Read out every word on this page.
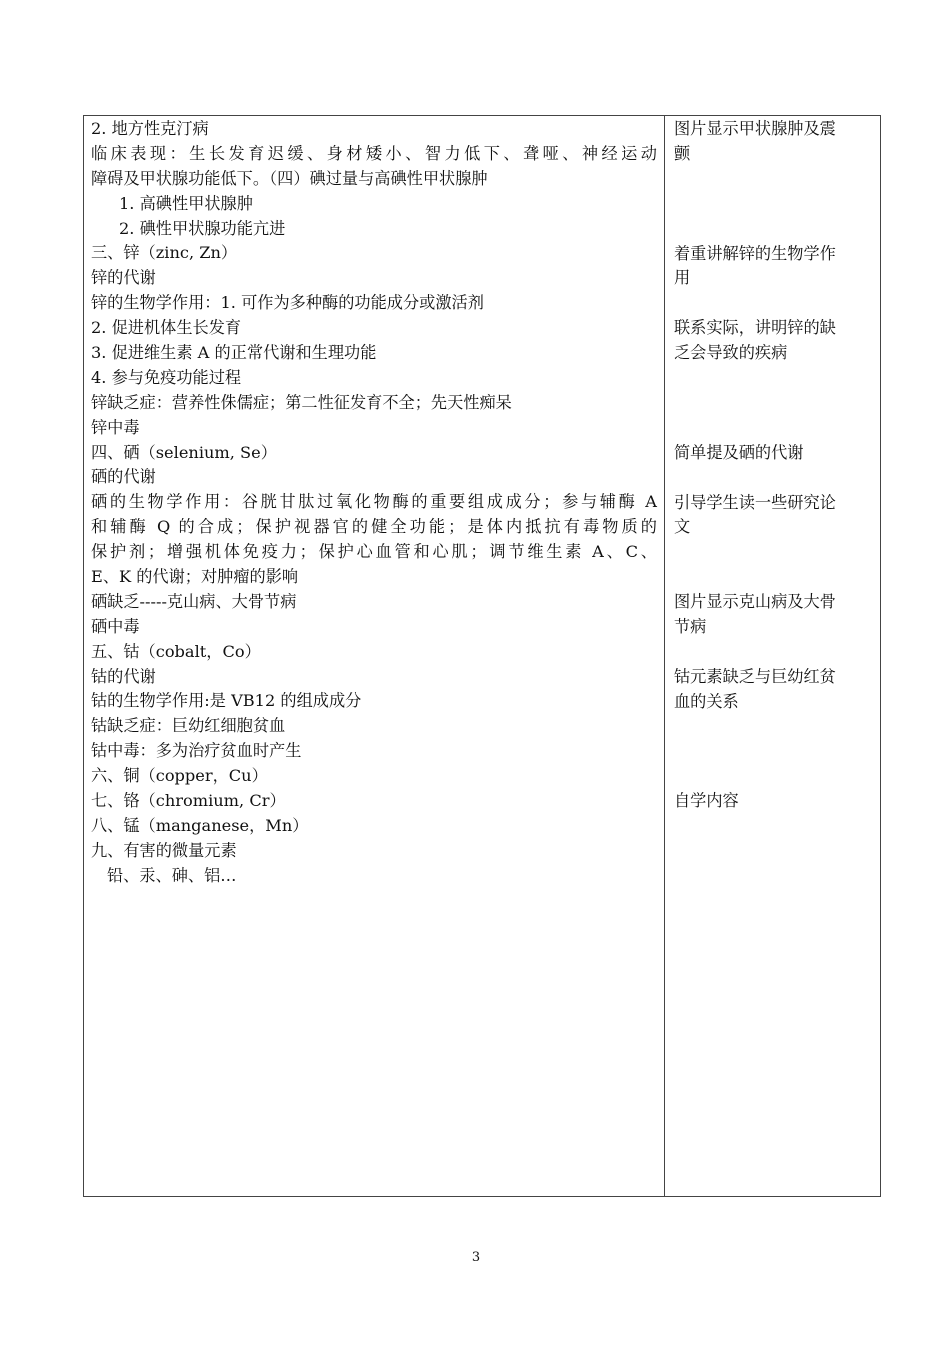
2. 地方性克汀病
临床表现：生长发育迟缓、身材矮小、智力低下、聋哑、神经运动
障碍及甲状腺功能低下。（四）碘过量与高碘性甲状腺肿
1. 高碘性甲状腺肿
2. 碘性甲状腺功能亢进
三、锌（zinc, Zn）
锌的代谢
锌的生物学作用：1. 可作为多种酶的功能成分或激活剂
2. 促进机体生长发育
3. 促进维生素 A 的正常代谢和生理功能
4. 参与免疫功能过程
锌缺乏症：营养性侏儒症；第二性征发育不全；先天性痴呆
锌中毒
四、硒（selenium, Se）
硒的代谢
硒的生物学作用：谷胱甘肽过氧化物酶的重要组成成分；参与辅酶 A
和辅酶 Q 的合成；保护视器官的健全功能；是体内抵抗有毒物质的
保护剂；增强机体免疫力；保护心血管和心肌；调节维生素 A、C、
E、K 的代谢；对肿瘤的影响
硒缺乏-----克山病、大骨节病
硒中毒
五、钴（cobalt，Co）
钴的代谢
钴的生物学作用:是 VB12 的组成成分
钴缺乏症：巨幼红细胞贫血
钴中毒：多为治疗贫血时产生
六、铜（copper，Cu）
七、铬（chromium, Cr）
八、锰（manganese，Mn）
九、有害的微量元素
铅、汞、砷、铝…
图片显示甲状腺肿及震
颤
着重讲解锌的生物学作
用
联系实际，讲明锌的缺
乏会导致的疾病
简单提及硒的代谢
引导学生读一些研究论
文
图片显示克山病及大骨
节病
钴元素缺乏与巨幼红贫
血的关系
自学内容
3
